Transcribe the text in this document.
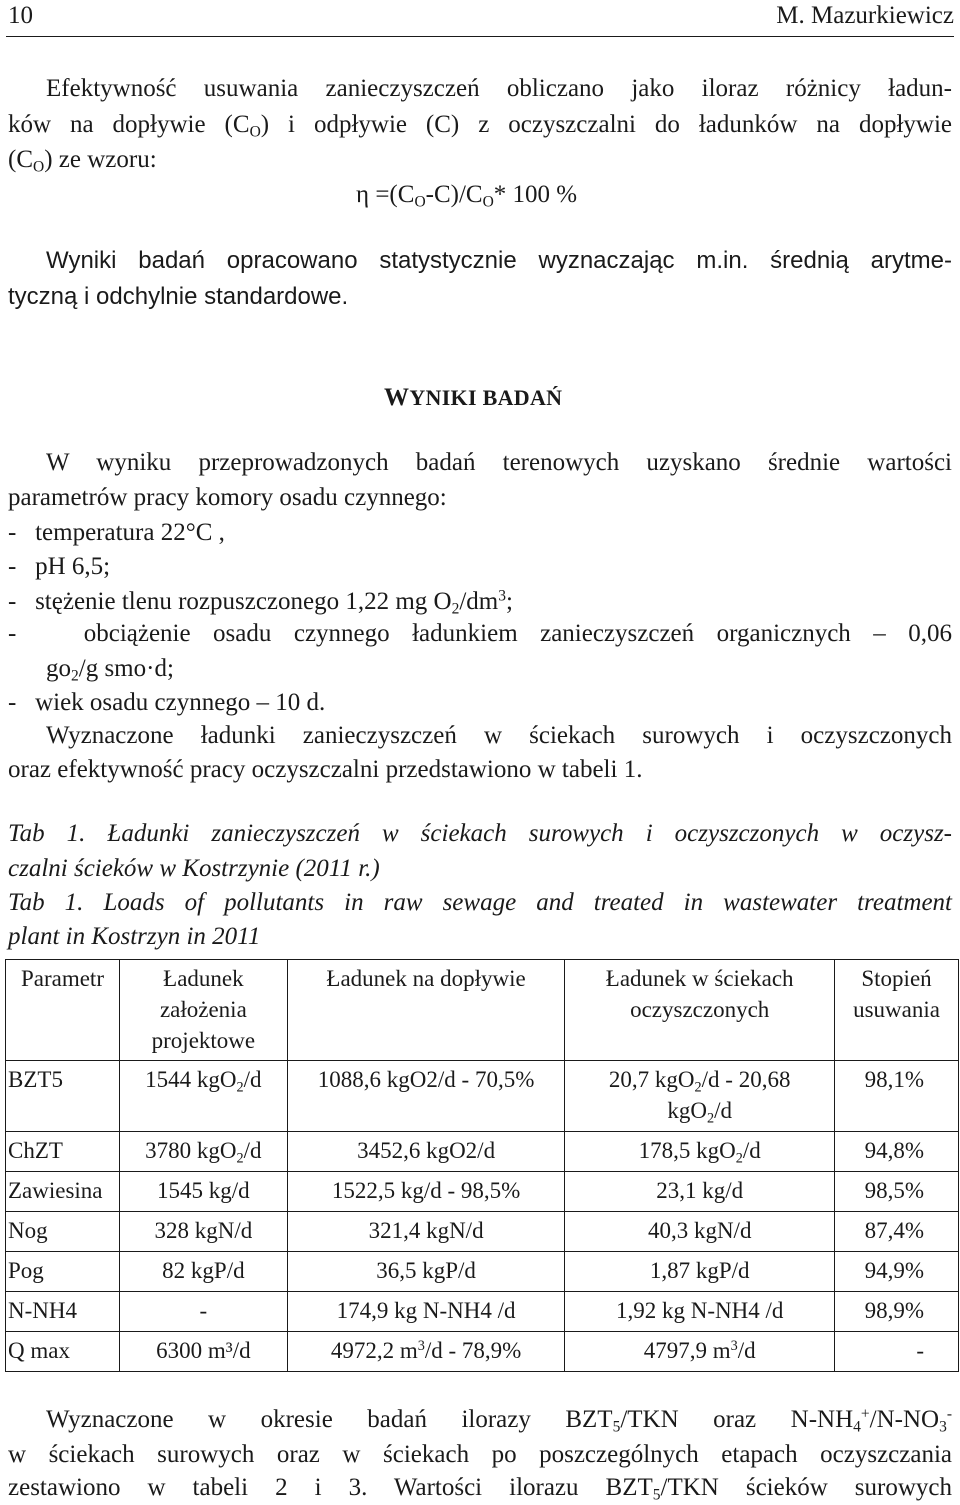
10	M. Mazurkiewicz
Efektywność usuwania zanieczyszczeń obliczano jako iloraz różnicy ładun-
ków na dopływie $(C_O)$ i odpływie (C) z oczyszczalni do ładunków na dopływie
$(C_O)$ ze wzoru:
$\eta =(C_O-C)/C_O*$ 100 %
Wyniki badań opracowano statystycznie wyznaczając m.in. średnią arytme-
tyczną i odchylnie standardowe.
WYNIKI BADAŃ
W wyniku przeprowadzonych badań terenowych uzyskano średnie wartości
parametrów pracy komory osadu czynnego:
-   temperatura 22°C ,
-   pH 6,5;
-   stężenie tlenu rozpuszczonego 1,22 mg $O_2/dm^3$;
-   obciążenie osadu czynnego ładunkiem zanieczyszczeń organicznych – 0,06
$go_2/g$ smo·d;
-   wiek osadu czynnego – 10 d.
Wyznaczone ładunki zanieczyszczeń w ściekach surowych i oczyszczonych
oraz efektywność pracy oczyszczalni przedstawiono w tabeli 1.
Tab 1. Ładunki zanieczyszczeń w ściekach surowych i oczyszczonych w oczysz-
czalni ścieków w Kostrzynie (2011 r.)
Tab 1. Loads of pollutants in raw sewage and treated in wastewater treatment
plant in Kostrzyn in 2011
Parametr	Ładunek
założenia
projektowe	Ładunek na dopływie	Ładunek w ściekach
oczyszczonych	Stopień
usuwania
BZT5	1544 kgO$_2$/d	1088,6 kgO2/d - 70,5%	20,7 kgO$_2$/d - 20,68
kgO$_2$/d	98,1%
ChZT	3780 kgO$_2$/d	3452,6 kgO2/d	178,5 kgO$_2$/d	94,8%
Zawiesina	1545 kg/d	1522,5 kg/d - 98,5%	23,1 kg/d	98,5%
Nog	328 kgN/d	321,4 kgN/d	40,3 kgN/d	87,4%
Pog	82 kgP/d	36,5 kgP/d	1,87 kgP/d	94,9%
N-NH4	-	174,9 kg N-NH4 /d	1,92 kg N-NH4 /d	98,9%
Q max	6300 m³/d	4972,2 $m^3/d - 78,9\%$	4797,9 $m^3/d$	-
Wyznaczone w okresie badań ilorazy $BZT_5$/TKN oraz $N-NH_4^+/N-NO_3^-$
w ściekach surowych oraz w ściekach po poszczególnych etapach oczyszczania
zestawiono w tabeli 2 i 3. Wartości ilorazu $BZT_5$/TKN ścieków surowych
